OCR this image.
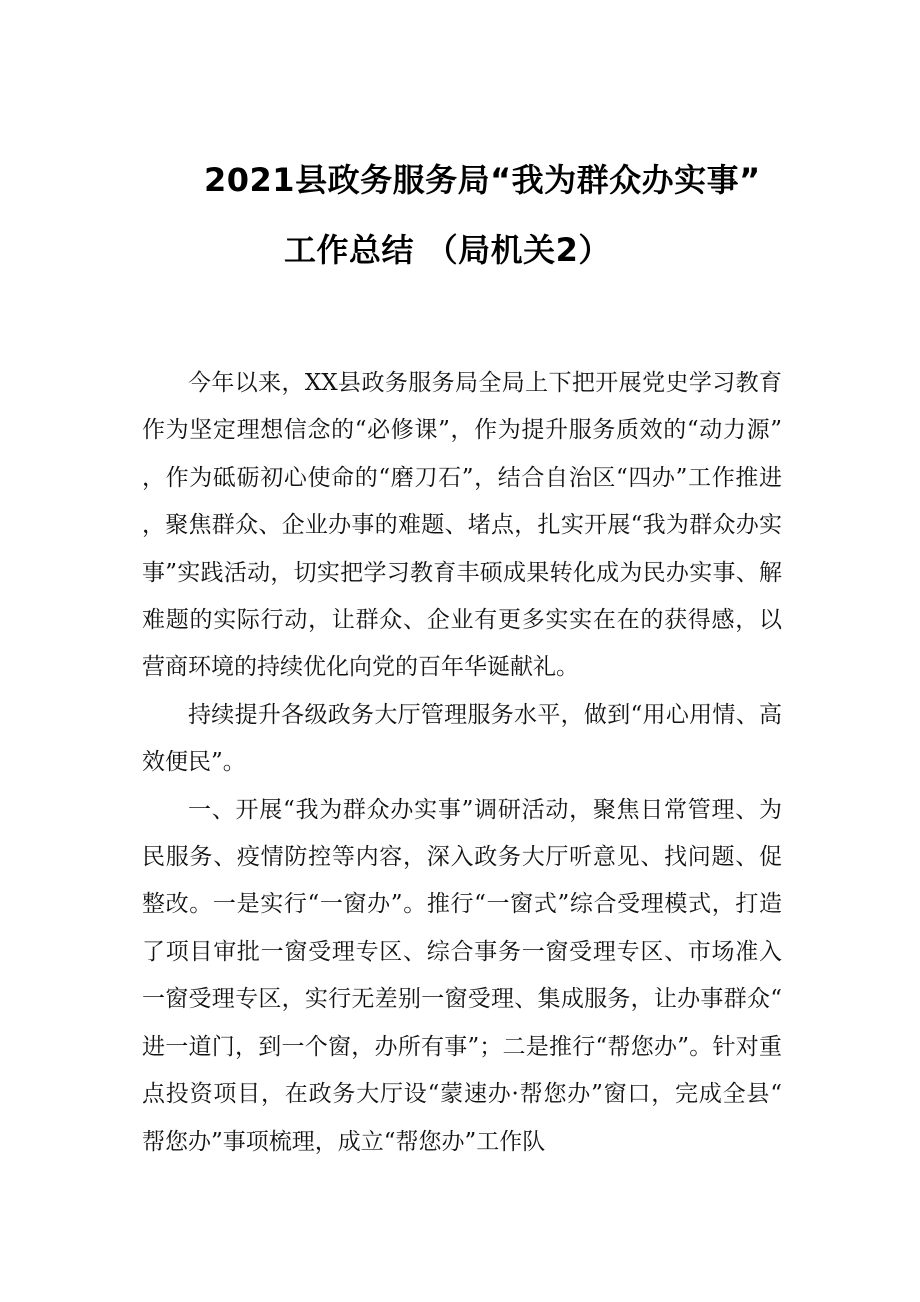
2021县政务服务局“我为群众办实事”
工作总结 （局机关2）

今年以来，XX县政务服务局全局上下把开展党史学习教育作为坚定理想信念的“必修课”，作为提升服务质效的“动力源”，作为砥砺初心使命的“磨刀石”，结合自治区“四办”工作推进，聚焦群众、企业办事的难题、堵点，扎实开展“我为群众办实事”实践活动，切实把学习教育丰硕成果转化成为民办实事、解难题的实际行动，让群众、企业有更多实实在在的获得感，以营商环境的持续优化向党的百年华诞献礼。

持续提升各级政务大厅管理服务水平，做到“用心用情、高效便民”。

一、开展“我为群众办实事”调研活动，聚焦日常管理、为民服务、疫情防控等内容，深入政务大厅听意见、找问题、促整改。一是实行“一窗办”。推行“一窗式”综合受理模式，打造了项目审批一窗受理专区、综合事务一窗受理专区、市场准入一窗受理专区，实行无差别一窗受理、集成服务，让办事群众“进一道门，到一个窗，办所有事”；二是推行“帮您办”。针对重点投资项目，在政务大厅设“蒙速办·帮您办”窗口，完成全县“帮您办”事项梳理，成立“帮您办”工作队
